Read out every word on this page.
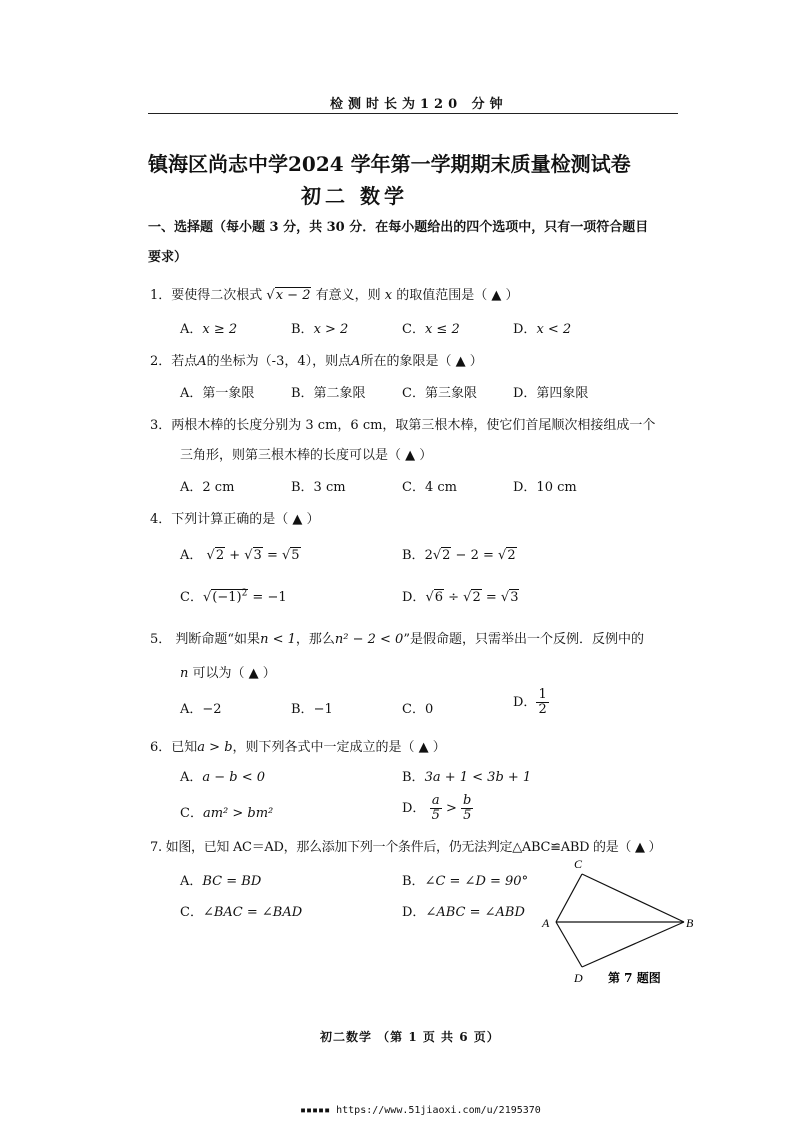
检测时长为120 分钟
镇海区尚志中学2024 学年第一学期期末质量检测试卷
初二 数学
一、选择题（每小题 3 分，共 30 分．在每小题给出的四个选项中，只有一项符合题目
要求）
1．要使得二次根式 √x − 2 有意义，则 x 的取值范围是（ ▲ ）
A．x ≥ 2	B．x > 2	C．x ≤ 2	D．x < 2
2．若点A的坐标为（-3，4），则点A所在的象限是（ ▲ ）
A．第一象限	B．第二象限	C．第三象限	D．第四象限
3．两根木棒的长度分别为 3 cm，6 cm，取第三根木棒，使它们首尾顺次相接组成一个
三角形，则第三根木棒的长度可以是（ ▲ ）
A．2 cm	B．3 cm	C．4 cm	D．10 cm
4．下列计算正确的是（ ▲ ）
A． √2 + √3 = √5	B．2√2 − 2 = √2
C．$√(-1)^2 = -1$	D．√6 ÷ √2 = √3
5． 判断命题“如果n < 1，那么n² − 2 < 0”是假命题，只需举出一个反例．反例中的
n 可以为（ ▲ ）
A．−2	B．−1	C．0	D． $\frac{1}{2}$
6．已知a > b，则下列各式中一定成立的是（ ▲ ）
A．a − b < 0	B．3a + 1 < 3b + 1
C．am² > bm²	D． $\frac{a}{5} > \frac{b}{5}$
7. 如图，已知 AC＝AD，那么添加下列一个条件后，仍无法判定△ABC≌ABD 的是（ ▲ ）
A．BC = BD	B．∠C = ∠D = 90°
C．∠BAC = ∠BAD	D．∠ABC = ∠ABD
C
A	B
D 第 7 题图
初二数学 （第 1 页 共 6 页）
▪▪▪▪▪ https://www.51jiaoxi.com/u/2195370
